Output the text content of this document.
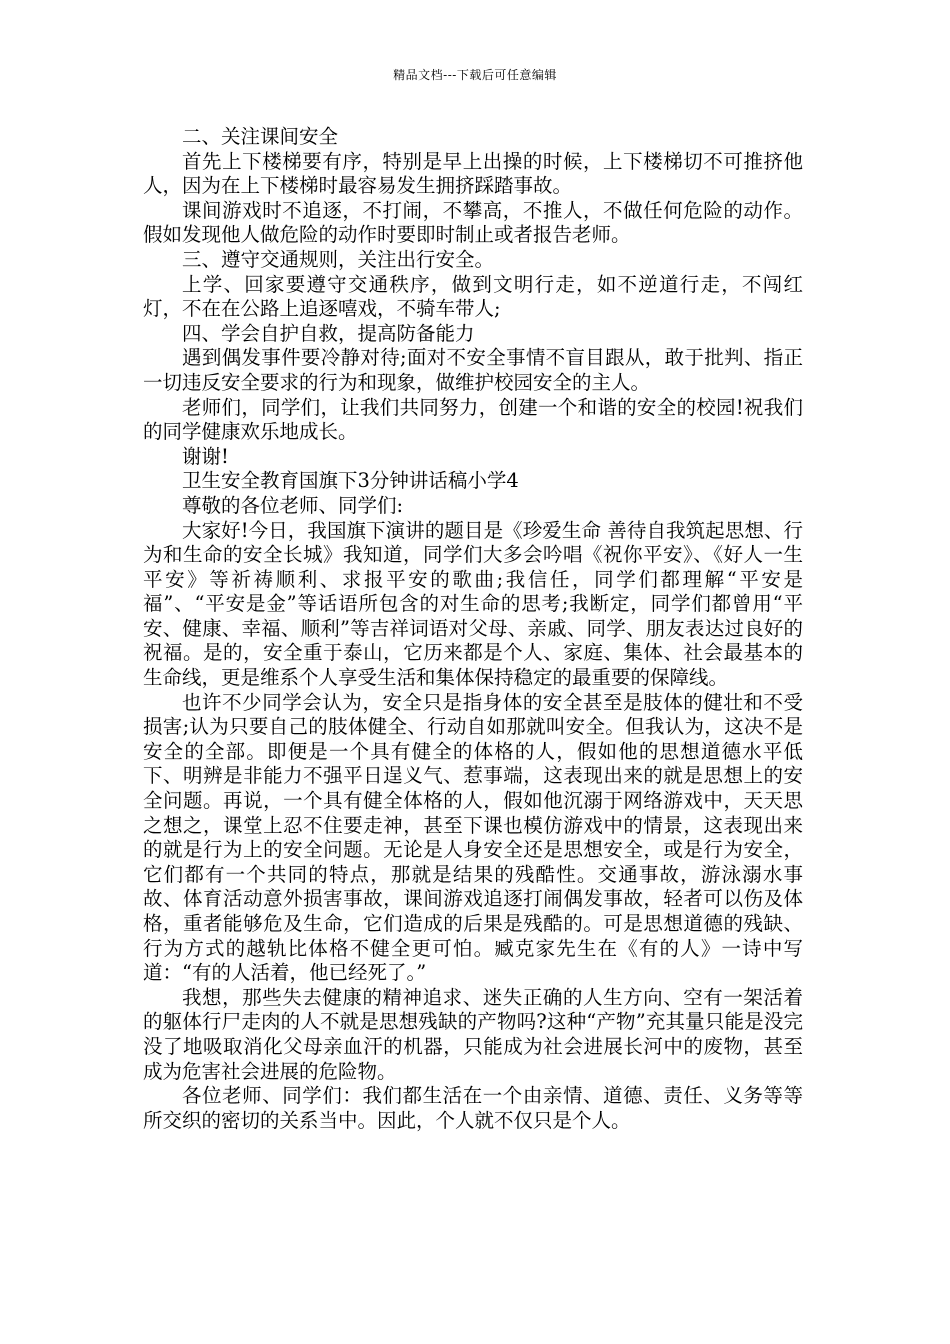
精品文档---下载后可任意编辑

二、关注课间安全

首先上下楼梯要有序，特别是早上出操的时候，上下楼梯切不可推挤他人，因为在上下楼梯时最容易发生拥挤踩踏事故。

课间游戏时不追逐，不打闹，不攀高，不推人，不做任何危险的动作。假如发现他人做危险的动作时要即时制止或者报告老师。

三、遵守交通规则，关注出行安全。

上学、回家要遵守交通秩序，做到文明行走，如不逆道行走，不闯红灯，不在在公路上追逐嘻戏，不骑车带人;

四、学会自护自救，提高防备能力

遇到偶发事件要冷静对待;面对不安全事情不盲目跟从，敢于批判、指正一切违反安全要求的行为和现象，做维护校园安全的主人。

老师们，同学们，让我们共同努力，创建一个和谐的安全的校园!祝我们的同学健康欢乐地成长。

谢谢!

卫生安全教育国旗下3分钟讲话稿小学4

尊敬的各位老师、同学们:

大家好!今日，我国旗下演讲的题目是《珍爱生命 善待自我筑起思想、行为和生命的安全长城》我知道，同学们大多会吟唱《祝你平安》、《好人一生平安》等祈祷顺利、求报平安的歌曲;我信任，同学们都理解“平安是福”、“平安是金”等话语所包含的对生命的思考;我断定，同学们都曾用“平安、健康、幸福、顺利”等吉祥词语对父母、亲戚、同学、朋友表达过良好的祝福。是的，安全重于泰山，它历来都是个人、家庭、集体、社会最基本的生命线，更是维系个人享受生活和集体保持稳定的最重要的保障线。

也许不少同学会认为，安全只是指身体的安全甚至是肢体的健壮和不受损害;认为只要自己的肢体健全、行动自如那就叫安全。但我认为，这决不是安全的全部。即便是一个具有健全的体格的人，假如他的思想道德水平低下、明辨是非能力不强平日逞义气、惹事端，这表现出来的就是思想上的安全问题。再说，一个具有健全体格的人，假如他沉溺于网络游戏中，天天思之想之，课堂上忍不住要走神，甚至下课也模仿游戏中的情景，这表现出来的就是行为上的安全问题。无论是人身安全还是思想安全，或是行为安全，它们都有一个共同的特点，那就是结果的残酷性。交通事故，游泳溺水事故、体育活动意外损害事故，课间游戏追逐打闹偶发事故，轻者可以伤及体格，重者能够危及生命，它们造成的后果是残酷的。可是思想道德的残缺、行为方式的越轨比体格不健全更可怕。臧克家先生在《有的人》一诗中写道：“有的人活着，他已经死了。”

我想，那些失去健康的精神追求、迷失正确的人生方向、空有一架活着的躯体行尸走肉的人不就是思想残缺的产物吗?这种“产物”充其量只能是没完没了地吸取消化父母亲血汗的机器，只能成为社会进展长河中的废物，甚至成为危害社会进展的危险物。

各位老师、同学们：我们都生活在一个由亲情、道德、责任、义务等等所交织的密切的关系当中。因此，个人就不仅只是个人。
